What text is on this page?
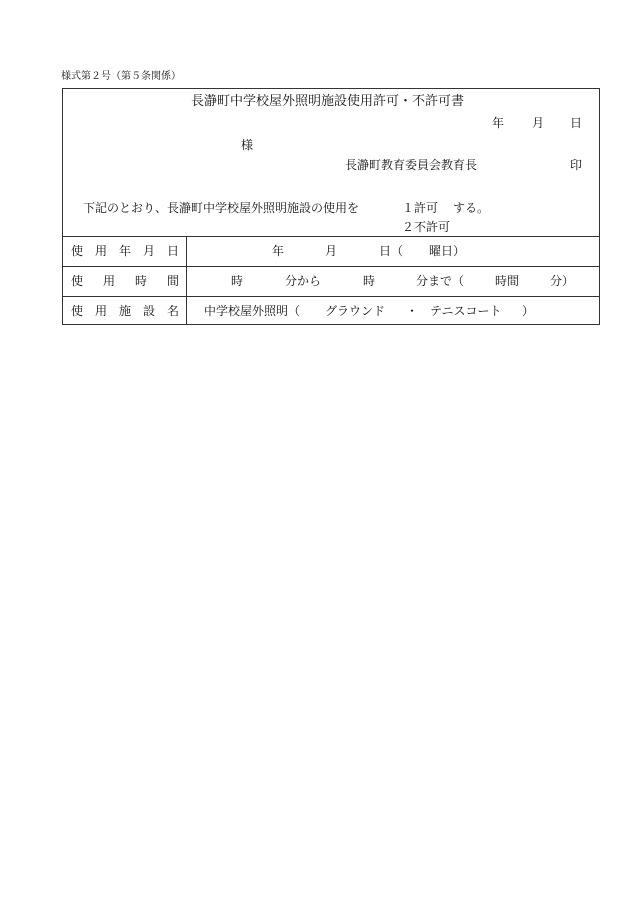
様式第２号（第５条関係）
長瀞町中学校屋外照明施設使用許可・不許可書
年 月 日
様
長瀞町教育委員会教育長	印
下記のとおり、長瀞町中学校屋外照明施設の使用を	１許可 する。
２不許可
使 用 年 月 日	年	月	日（ 曜日）
使 用 時 間	時	分から	時	分まで（	時間	分）
使 用 施 設 名 中学校屋外照明（ グラウンド ・ テニスコート ）
